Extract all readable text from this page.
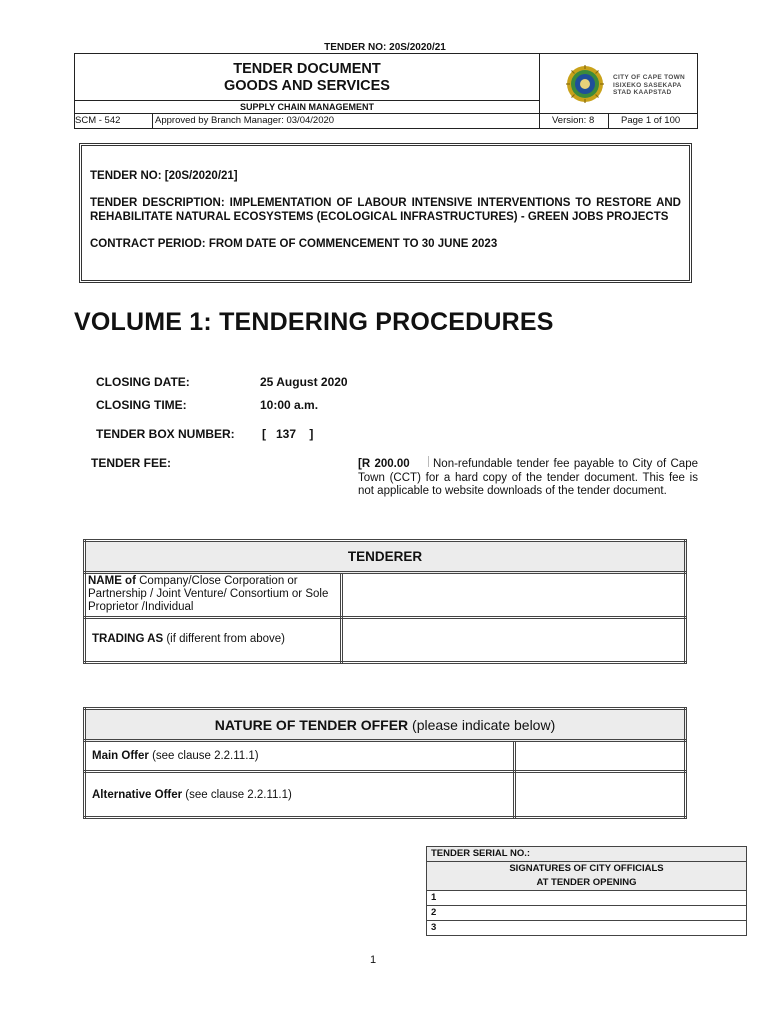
TENDER NO: 20S/2020/21
TENDER DOCUMENT
GOODS AND SERVICES
SUPPLY CHAIN MANAGEMENT
SCM - 542	Approved by Branch Manager: 03/04/2020	Version: 8	Page 1 of 100
CITY OF CAPE TOWN
ISIXEKO SASEKAPA
STAD KAAPSTAD

TENDER NO: [20S/2020/21]

TENDER DESCRIPTION: IMPLEMENTATION OF LABOUR INTENSIVE INTERVENTIONS TO RESTORE AND REHABILITATE NATURAL ECOSYSTEMS (ECOLOGICAL INFRASTRUCTURES) - GREEN JOBS PROJECTS

CONTRACT PERIOD: FROM DATE OF COMMENCEMENT TO 30 JUNE 2023

VOLUME 1: TENDERING PROCEDURES
CLOSING DATE:	25 August 2020
CLOSING TIME:	10:00 a.m.
TENDER BOX NUMBER: [   137    ]
TENDER FEE:	[R 200.00 Non-refundable tender fee payable to City of Cape Town (CCT) for a hard copy of the tender document. This fee is not applicable to website downloads of the tender document.
TENDERER	
NAME of Company/Close Corporation or Partnership / Joint Venture/ Consortium or Sole Proprietor /Individual	
TRADING AS (if different from above)	
NATURE OF TENDER OFFER (please indicate below)	
Main Offer (see clause 2.2.11.1)	
Alternative Offer (see clause 2.2.11.1)	
TENDER SERIAL NO.:

SIGNATURES OF CITY OFFICIALS
AT TENDER OPENING

1
2
3
1
